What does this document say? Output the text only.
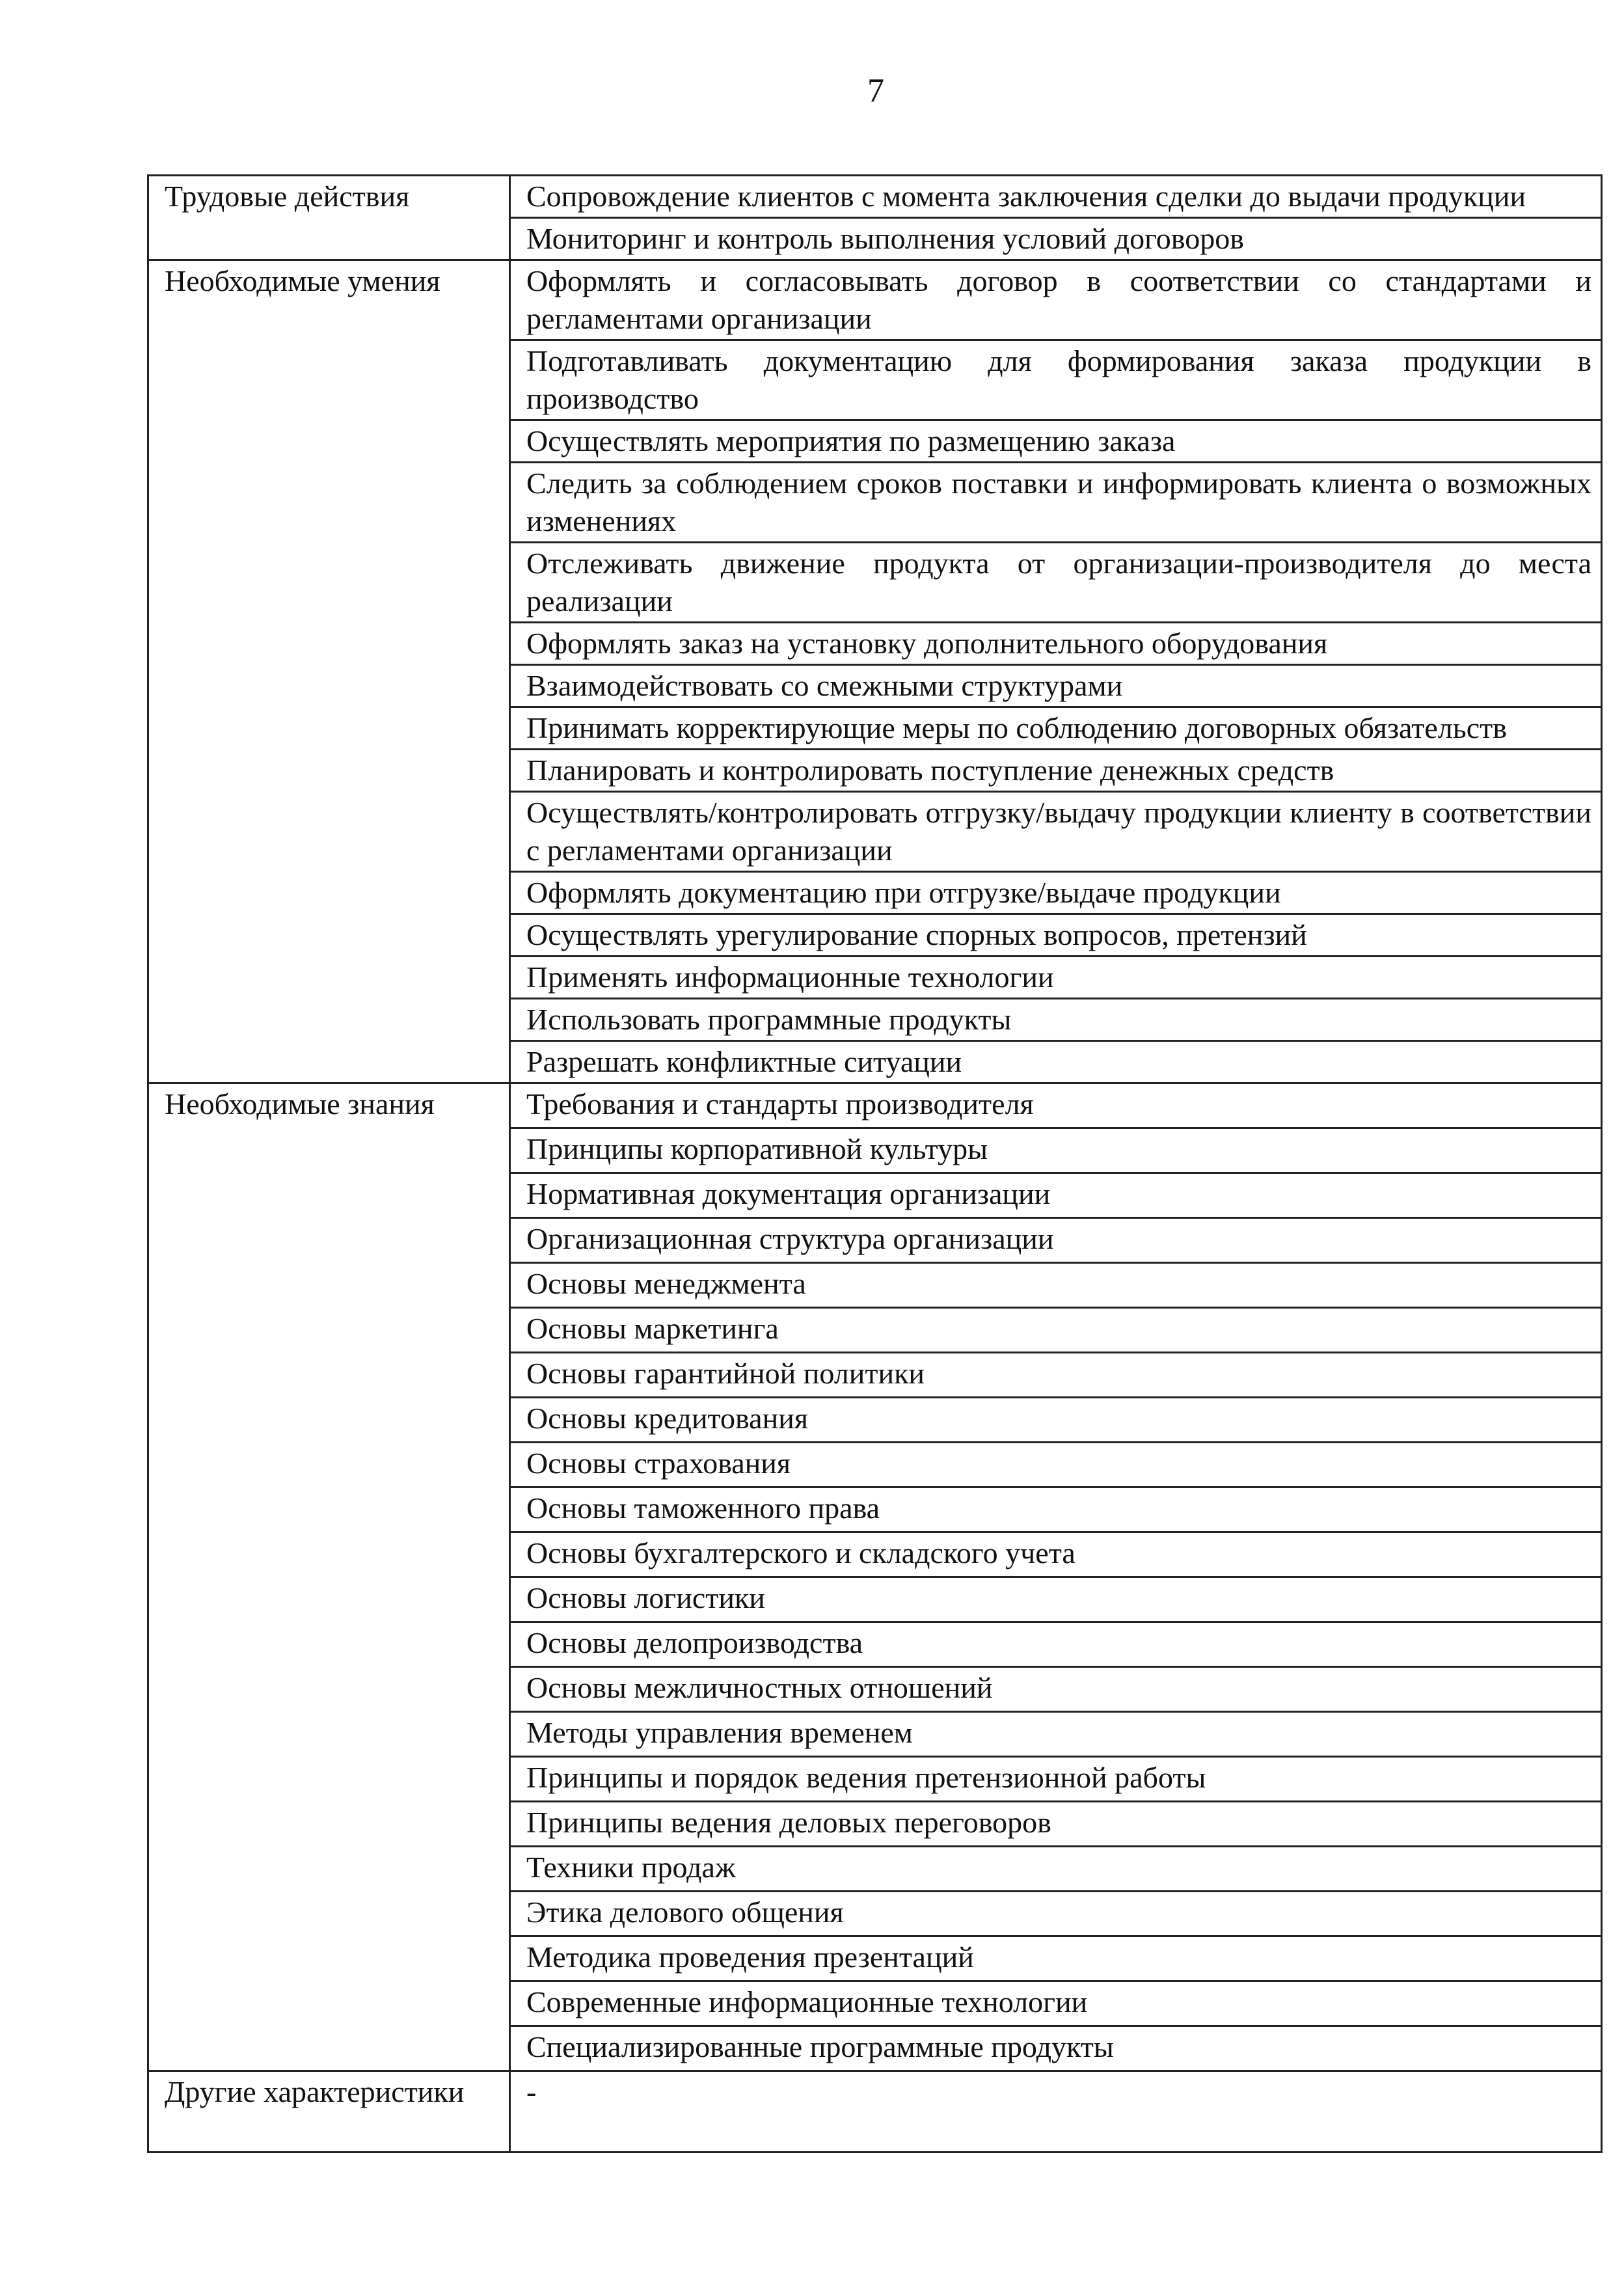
7
Трудовые действия	Сопровождение клиентов с момента заключения сделки до выдачи продукции
	Мониторинг и контроль выполнения условий договоров
Необходимые умения	Оформлять и согласовывать договор в соответствии со стандартами и регламентами организации
	Подготавливать документацию для формирования заказа продукции в производство
	Осуществлять мероприятия по размещению заказа
	Следить за соблюдением сроков поставки и информировать клиента о возможных изменениях
	Отслеживать движение продукта от организации-производителя до места реализации
	Оформлять заказ на установку дополнительного оборудования
	Взаимодействовать со смежными структурами
	Принимать корректирующие меры по соблюдению договорных обязательств
	Планировать и контролировать поступление денежных средств
	Осуществлять/контролировать отгрузку/выдачу продукции клиенту в соответствии с регламентами организации
	Оформлять документацию при отгрузке/выдаче продукции
	Осуществлять урегулирование спорных вопросов, претензий
	Применять информационные технологии
	Использовать программные продукты
	Разрешать конфликтные ситуации
Необходимые знания	Требования и стандарты производителя
	Принципы корпоративной культуры
	Нормативная документация организации
	Организационная структура организации
	Основы менеджмента
	Основы маркетинга
	Основы гарантийной политики
	Основы кредитования
	Основы страхования
	Основы таможенного права
	Основы бухгалтерского и складского учета
	Основы логистики
	Основы делопроизводства
	Основы межличностных отношений
	Методы управления временем
	Принципы и порядок ведения претензионной работы
	Принципы ведения деловых переговоров
	Техники продаж
	Этика делового общения
	Методика проведения презентаций
	Современные информационные технологии
	Специализированные программные продукты
Другие характеристики	-
